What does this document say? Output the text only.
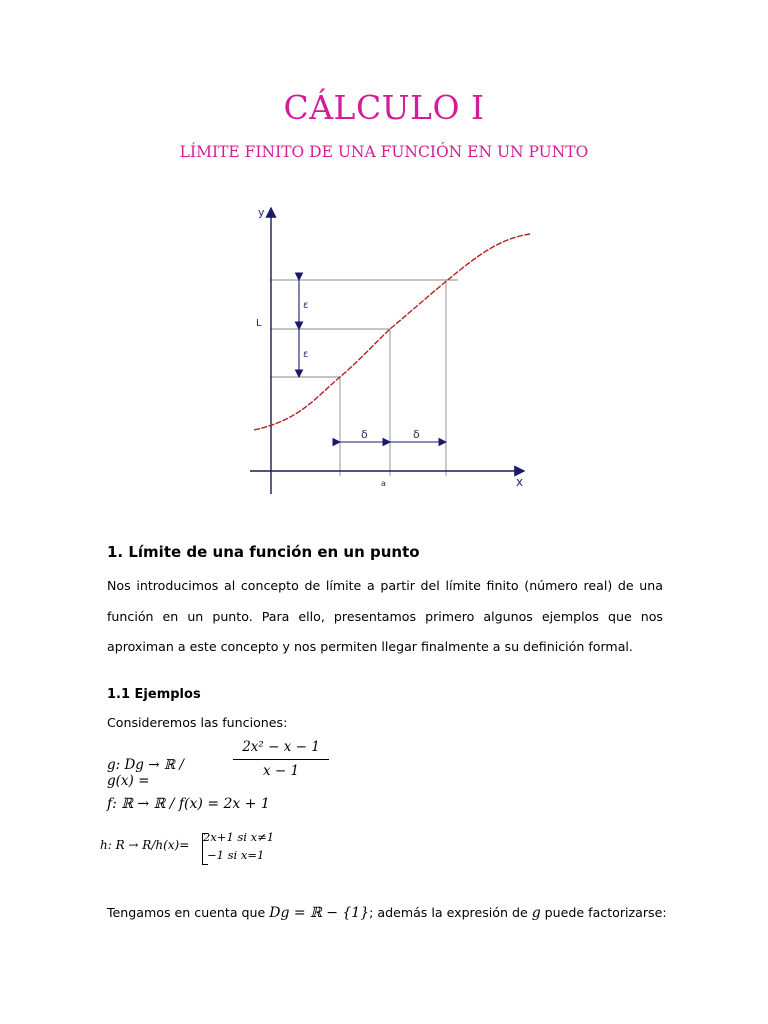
CÁLCULO I
LÍMITE FINITO DE UNA FUNCIÓN EN UN PUNTO
y
x
L
ε
ε
δ	δ
a
1. Límite de una función en un punto

Nos introducimos al concepto de límite a partir del límite finito (número real) de una función en un punto. Para ello, presentamos primero algunos ejemplos que nos aproximan a este concepto y nos permiten llegar finalmente a su definición formal.

1.1 Ejemplos

Consideremos las funciones:

g: Dg → ℝ /
g(x) =
$\frac{\text{2x² − x − 1}}{x - 1}$
f: ℝ → ℝ / f(x) = 2x + 1
h: R → R/h(x)=
2x+1 si x≠1
−1 si x=1

Tengamos en cuenta que Dg = ℝ − {1}; además la expresión de g puede factorizarse:
